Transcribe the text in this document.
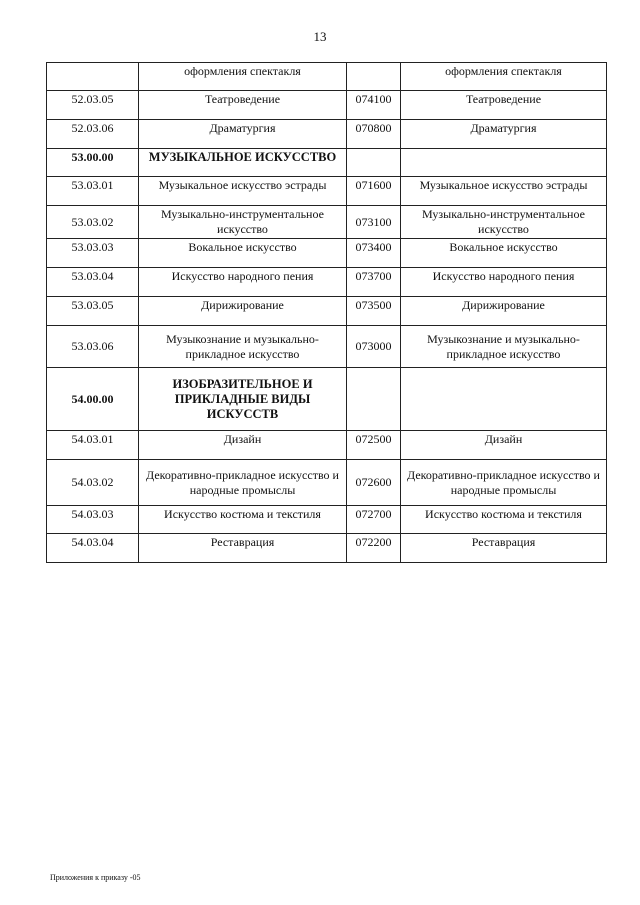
13
	оформления спектакля		оформления спектакля
52.03.05	Театроведение	074100	Театроведение
52.03.06	Драматургия	070800	Драматургия
53.00.00	МУЗЫКАЛЬНОЕ ИСКУССТВО		
53.03.01	Музыкальное искусство эстрады	071600	Музыкальное искусство эстрады
53.03.02	Музыкально-инструментальное искусство	073100	Музыкально-инструментальное искусство
53.03.03	Вокальное искусство	073400	Вокальное искусство
53.03.04	Искусство народного пения	073700	Искусство народного пения
53.03.05	Дирижирование	073500	Дирижирование
53.03.06	Музыкознание и музыкально-прикладное искусство	073000	Музыкознание и музыкально-прикладное искусство
54.00.00	ИЗОБРАЗИТЕЛЬНОЕ И ПРИКЛАДНЫЕ ВИДЫ ИСКУССТВ		
54.03.01	Дизайн	072500	Дизайн
54.03.02	Декоративно-прикладное искусство и народные промыслы	072600	Декоративно-прикладное искусство и народные промыслы
54.03.03	Искусство костюма и текстиля	072700	Искусство костюма и текстиля
54.03.04	Реставрация	072200	Реставрация
Приложения к приказу -05
